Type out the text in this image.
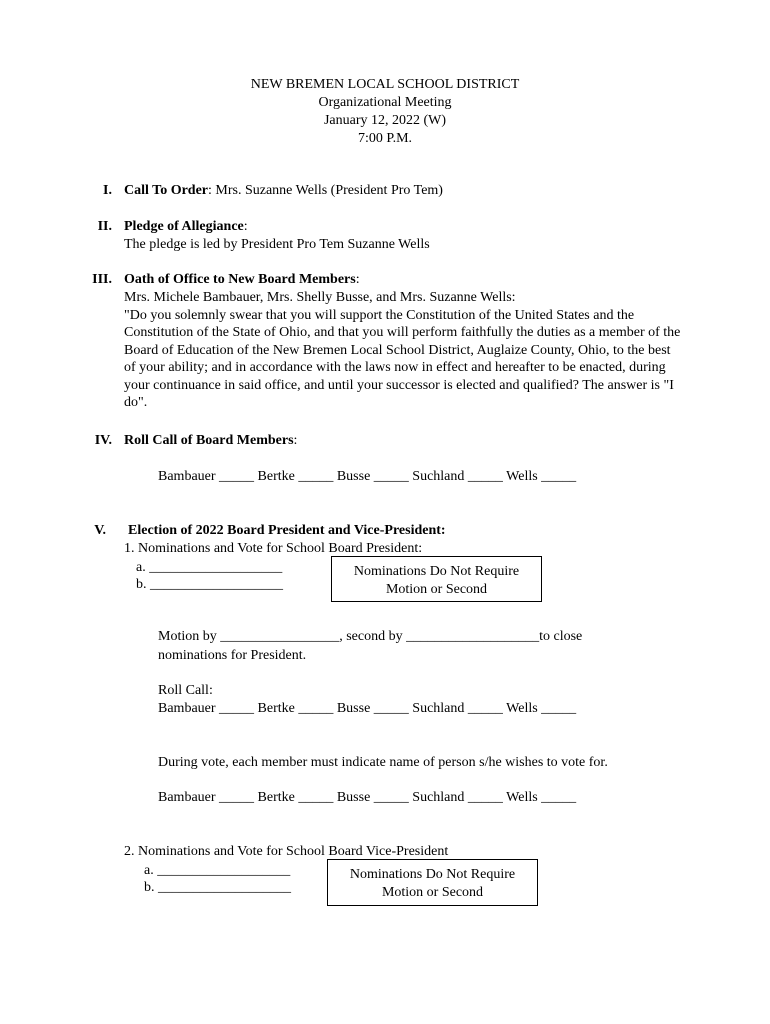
NEW BREMEN LOCAL SCHOOL DISTRICT
Organizational Meeting
January 12, 2022 (W)
7:00 P.M.
I. Call To Order: Mrs. Suzanne Wells (President Pro Tem)
II. Pledge of Allegiance:
The pledge is led by President Pro Tem Suzanne Wells
III. Oath of Office to New Board Members:
Mrs. Michele Bambauer, Mrs. Shelly Busse, and Mrs. Suzanne Wells:
"Do you solemnly swear that you will support the Constitution of the United States and the Constitution of the State of Ohio, and that you will perform faithfully the duties as a member of the Board of Education of the New Bremen Local School District, Auglaize County, Ohio, to the best of your ability; and in accordance with the laws now in effect and hereafter to be enacted, during your continuance in said office, and until your successor is elected and qualified? The answer is "I do".
IV. Roll Call of Board Members:
Bambauer _____ Bertke _____ Busse _____ Suchland _____ Wells _____
V. Election of 2022 Board President and Vice-President:
1. Nominations and Vote for School Board President:
a. ___________________
b. ___________________
Nominations Do Not Require
Motion or Second
Motion by _________________, second by ___________________to close
nominations for President.
Roll Call:
Bambauer _____ Bertke _____ Busse _____ Suchland _____ Wells _____
During vote, each member must indicate name of person s/he wishes to vote for.
Bambauer _____ Bertke _____ Busse _____ Suchland _____ Wells _____
2. Nominations and Vote for School Board Vice-President
a. ___________________
b. ___________________
Nominations Do Not Require
Motion or Second
